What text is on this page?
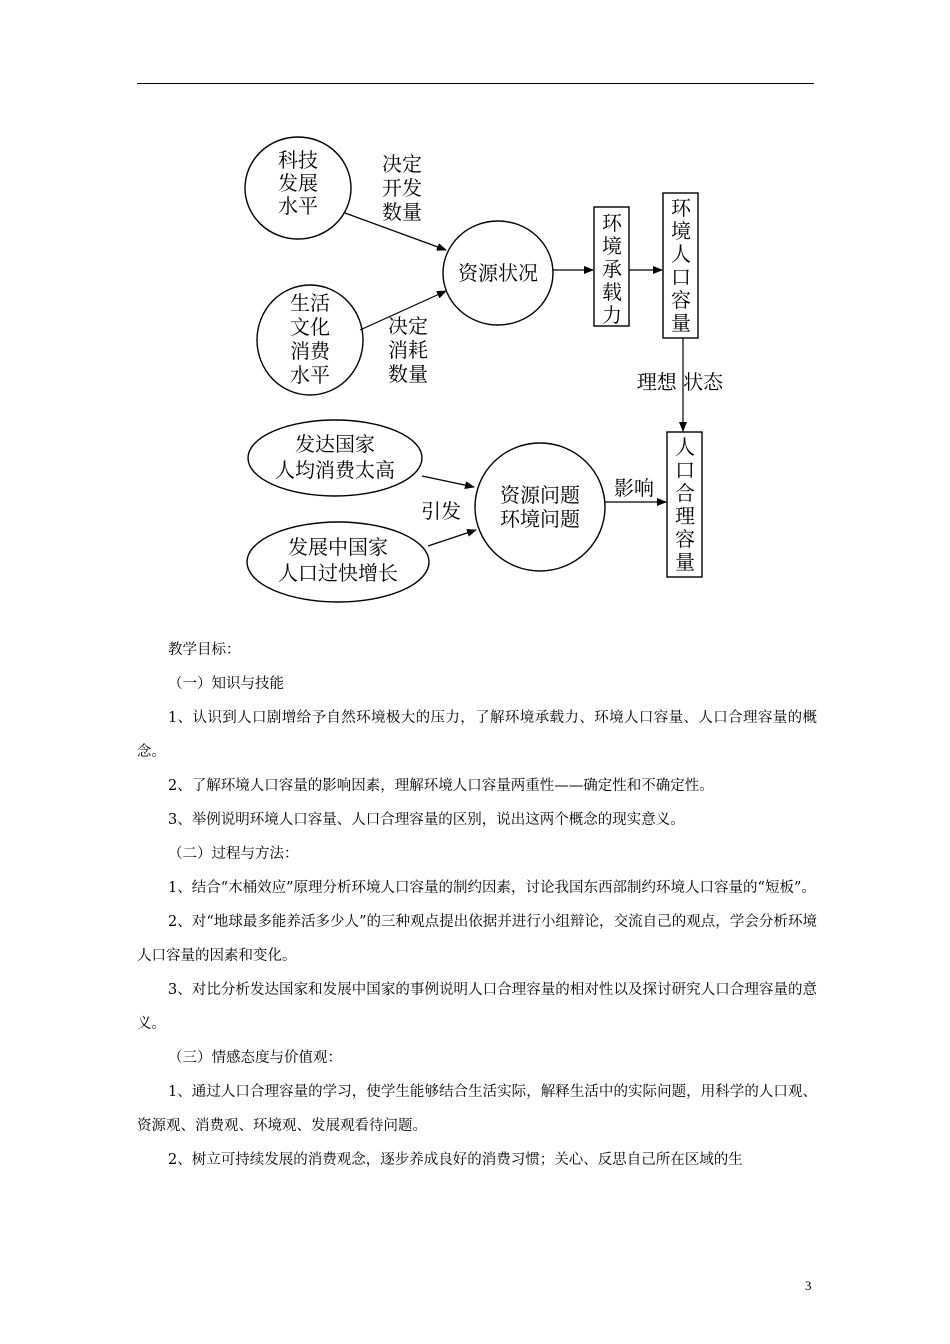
科技
发展
水平
生活
文化
消费
水平
决定
开发
数量
决定
消耗
数量
资源状况
环境承载力
环境人口容量
人口合理容量
理想 状态
发达国家
人均消费太高
发展中国家
人口过快增长
引发
影响
资源问题
环境问题

教学目标：

（一）知识与技能

1、认识到人口剧增给予自然环境极大的压力，了解环境承载力、环境人口容量、人口合理容量的概念。

2、了解环境人口容量的影响因素，理解环境人口容量两重性——确定性和不确定性。

3、举例说明环境人口容量、人口合理容量的区别，说出这两个概念的现实意义。

（二）过程与方法：

1、结合“木桶效应”原理分析环境人口容量的制约因素，讨论我国东西部制约环境人口容量的“短板”。

2、对“地球最多能养活多少人”的三种观点提出依据并进行小组辩论，交流自己的观点，学会分析环境人口容量的因素和变化。

3、对比分析发达国家和发展中国家的事例说明人口合理容量的相对性以及探讨研究人口合理容量的意义。

（三）情感态度与价值观：

1、通过人口合理容量的学习，使学生能够结合生活实际，解释生活中的实际问题，用科学的人口观、资源观、消费观、环境观、发展观看待问题。

2、树立可持续发展的消费观念，逐步养成良好的消费习惯；关心、反思自己所在区域的生

3
